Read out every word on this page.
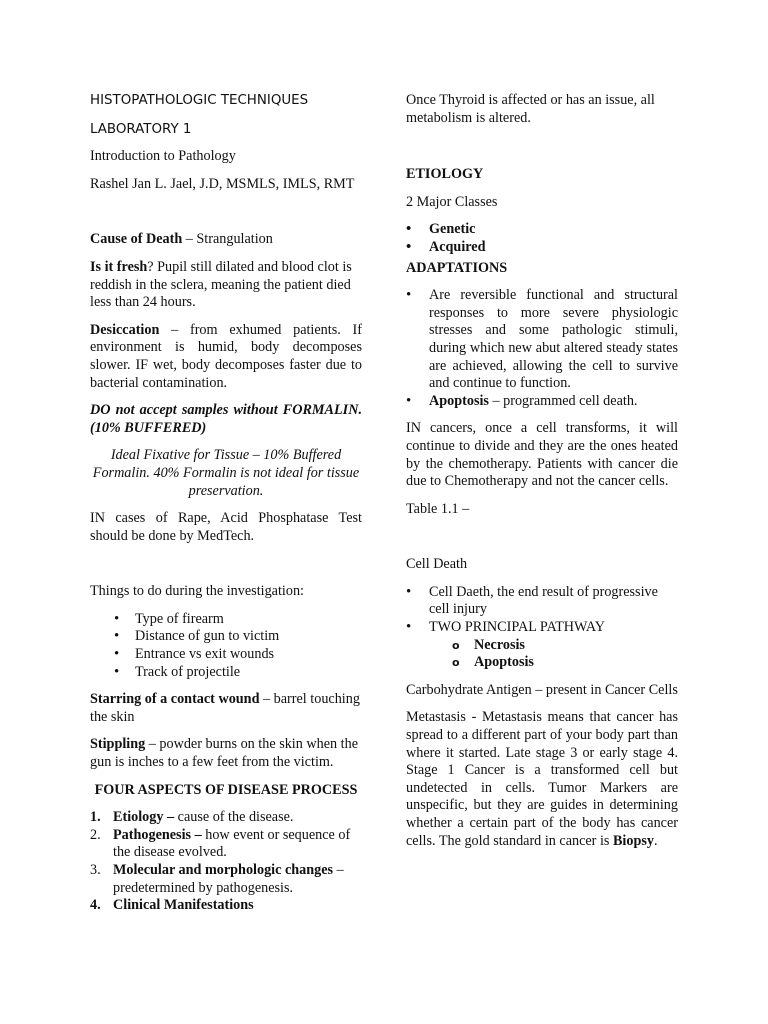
HISTOPATHOLOGIC TECHNIQUES

LABORATORY 1

Introduction to Pathology

Rashel Jan L. Jael, J.D, MSMLS, IMLS, RMT

Cause of Death – Strangulation

Is it fresh? Pupil still dilated and blood clot is reddish in the sclera, meaning the patient died less than 24 hours.

Desiccation – from exhumed patients. If environment is humid, body decomposes slower. IF wet, body decomposes faster due to bacterial contamination.

DO not accept samples without FORMALIN. (10% BUFFERED)

Ideal Fixative for Tissue – 10% Buffered Formalin. 40% Formalin is not ideal for tissue preservation.

IN cases of Rape, Acid Phosphatase Test should be done by MedTech.

Things to do during the investigation:

• Type of firearm
• Distance of gun to victim
• Entrance vs exit wounds
• Track of projectile

Starring of a contact wound – barrel touching the skin

Stippling – powder burns on the skin when the gun is inches to a few feet from the victim.

FOUR ASPECTS OF DISEASE PROCESS

1. Etiology – cause of the disease.
2. Pathogenesis – how event or sequence of the disease evolved.
3. Molecular and morphologic changes – predetermined by pathogenesis.
4. Clinical Manifestations

Once Thyroid is affected or has an issue, all metabolism is altered.

ETIOLOGY

2 Major Classes

• Genetic
• Acquired

ADAPTATIONS

• Are reversible functional and structural responses to more severe physiologic stresses and some pathologic stimuli, during which new abut altered steady states are achieved, allowing the cell to survive and continue to function.
• Apoptosis – programmed cell death.

IN cancers, once a cell transforms, it will continue to divide and they are the ones heated by the chemotherapy. Patients with cancer die due to Chemotherapy and not the cancer cells.

Table 1.1 –

Cell Death

• Cell Daeth, the end result of progressive cell injury
• TWO PRINCIPAL PATHWAY
o Necrosis
o Apoptosis

Carbohydrate Antigen – present in Cancer Cells

Metastasis - Metastasis means that cancer has spread to a different part of your body part than where it started. Late stage 3 or early stage 4. Stage 1 Cancer is a transformed cell but undetected in cells. Tumor Markers are unspecific, but they are guides in determining whether a certain part of the body has cancer cells. The gold standard in cancer is Biopsy.
